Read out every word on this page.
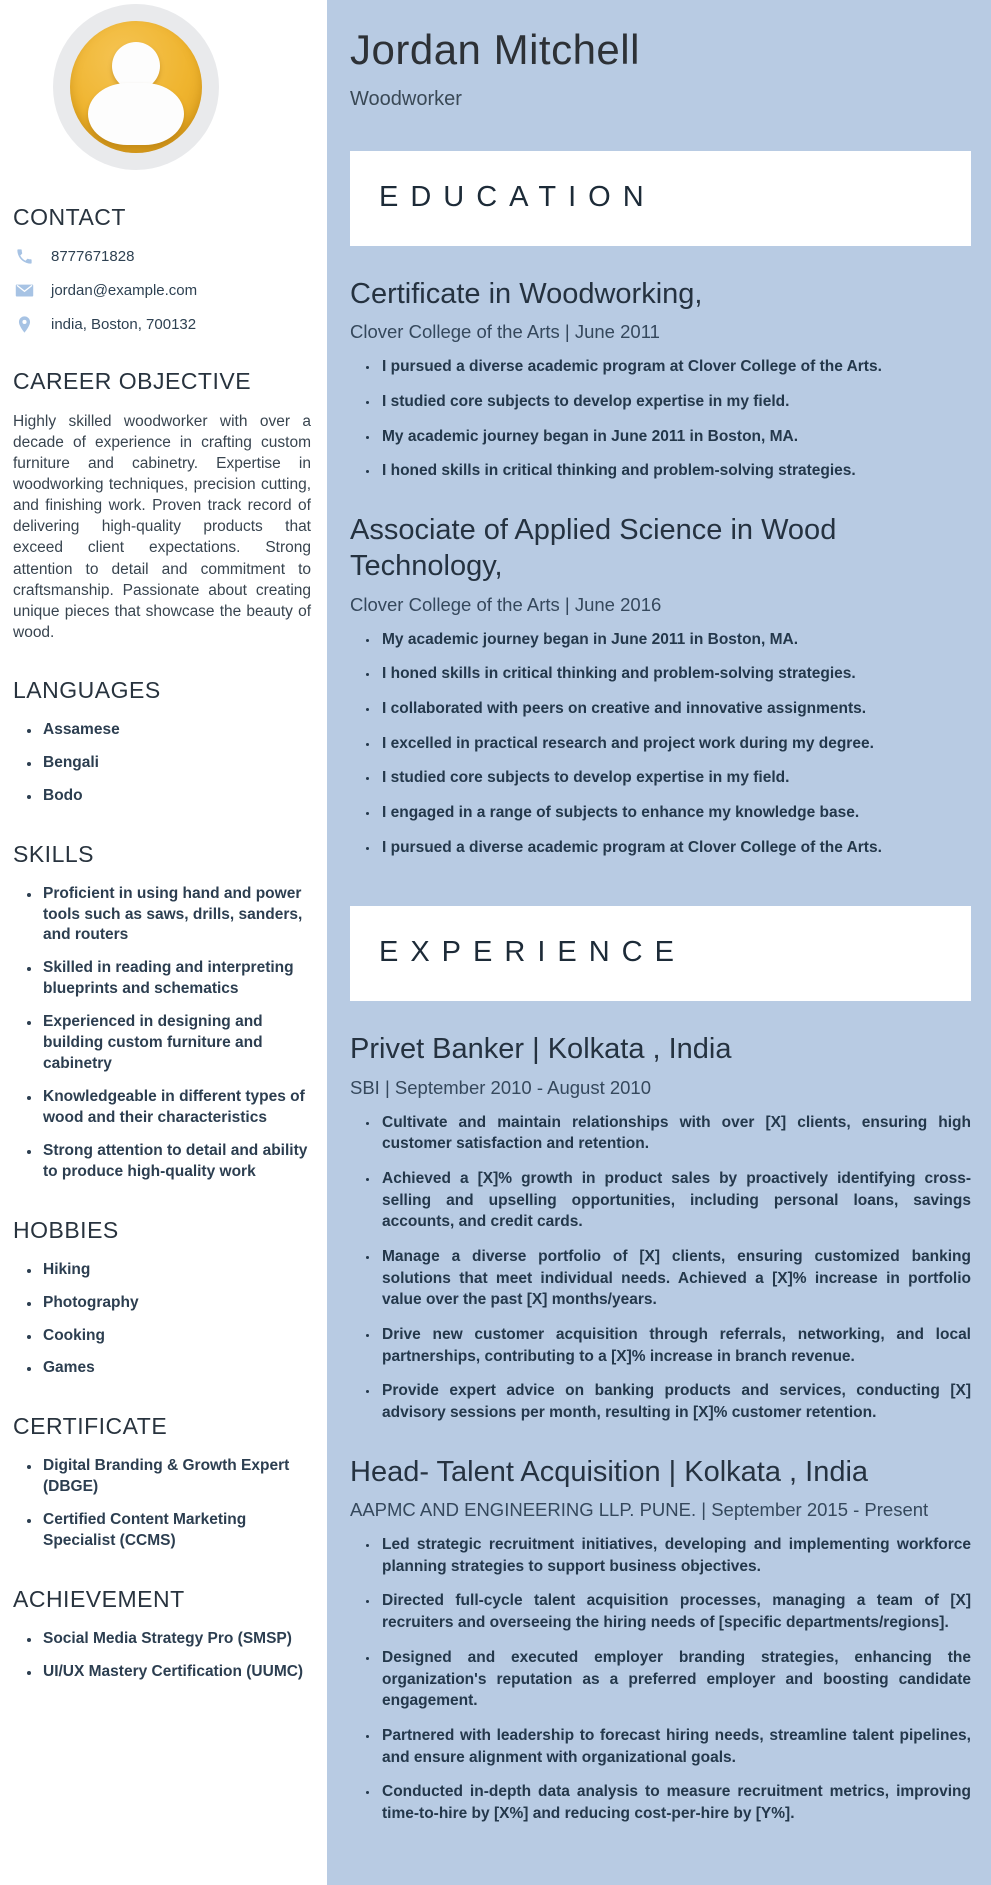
CONTACT
8777671828
jordan@example.com
india, Boston, 700132
CAREER OBJECTIVE

Highly skilled woodworker with over a decade of experience in crafting custom furniture and cabinetry. Expertise in woodworking techniques, precision cutting, and finishing work. Proven track record of delivering high-quality products that exceed client expectations. Strong attention to detail and commitment to craftsmanship. Passionate about creating unique pieces that showcase the beauty of wood.

LANGUAGES
• Assamese
• Bengali
• Bodo
SKILLS
• Proficient in using hand and power tools such as saws, drills, sanders, and routers
• Skilled in reading and interpreting blueprints and schematics
• Experienced in designing and building custom furniture and cabinetry
• Knowledgeable in different types of wood and their characteristics
• Strong attention to detail and ability to produce high-quality work
HOBBIES
• Hiking
• Photography
• Cooking
• Games
CERTIFICATE
• Digital Branding & Growth Expert (DBGE)
• Certified Content Marketing Specialist (CCMS)
ACHIEVEMENT
• Social Media Strategy Pro (SMSP)
• UI/UX Mastery Certification (UUMC)
Jordan Mitchell

Woodworker

EDUCATION
Certificate in Woodworking,

Clover College of the Arts | June 2011

• I pursued a diverse academic program at Clover College of the Arts.
• I studied core subjects to develop expertise in my field.
• My academic journey began in June 2011 in Boston, MA.
• I honed skills in critical thinking and problem-solving strategies.
Associate of Applied Science in Wood Technology,

Clover College of the Arts | June 2016

• My academic journey began in June 2011 in Boston, MA.
• I honed skills in critical thinking and problem-solving strategies.
• I collaborated with peers on creative and innovative assignments.
• I excelled in practical research and project work during my degree.
• I studied core subjects to develop expertise in my field.
• I engaged in a range of subjects to enhance my knowledge base.
• I pursued a diverse academic program at Clover College of the Arts.
EXPERIENCE
Privet Banker | Kolkata , India

SBI | September 2010 - August 2010

• Cultivate and maintain relationships with over [X] clients, ensuring high customer satisfaction and retention.
• Achieved a [X]% growth in product sales by proactively identifying cross-selling and upselling opportunities, including personal loans, savings accounts, and credit cards.
• Manage a diverse portfolio of [X] clients, ensuring customized banking solutions that meet individual needs. Achieved a [X]% increase in portfolio value over the past [X] months/years.
• Drive new customer acquisition through referrals, networking, and local partnerships, contributing to a [X]% increase in branch revenue.
• Provide expert advice on banking products and services, conducting [X] advisory sessions per month, resulting in [X]% customer retention.
Head- Talent Acquisition | Kolkata , India

AAPMC AND ENGINEERING LLP. PUNE. | September 2015 - Present

• Led strategic recruitment initiatives, developing and implementing workforce planning strategies to support business objectives.
• Directed full-cycle talent acquisition processes, managing a team of [X] recruiters and overseeing the hiring needs of [specific departments/regions].
• Designed and executed employer branding strategies, enhancing the organization's reputation as a preferred employer and boosting candidate engagement.
• Partnered with leadership to forecast hiring needs, streamline talent pipelines, and ensure alignment with organizational goals.
• Conducted in-depth data analysis to measure recruitment metrics, improving time-to-hire by [X%] and reducing cost-per-hire by [Y%].
